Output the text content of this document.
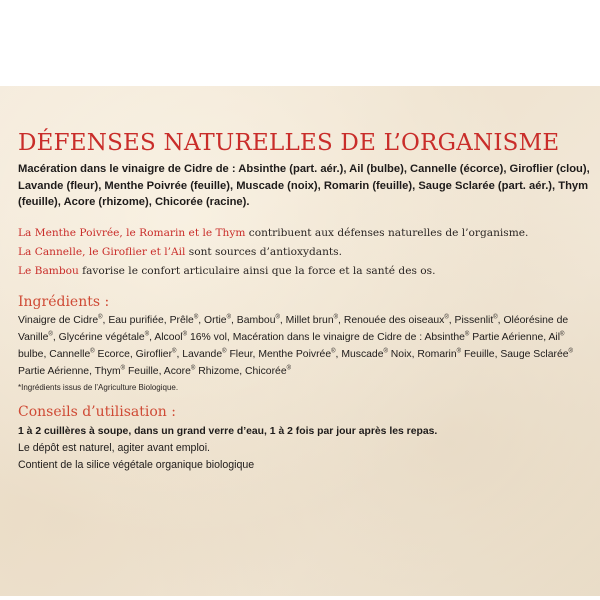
DÉFENSES NATURELLES DE L’ORGANISME

Macération dans le vinaigre de Cidre de : Absinthe (part. aér.), Ail (bulbe), Cannelle (écorce), Giroflier (clou), Lavande (fleur), Menthe Poivrée (feuille), Muscade (noix), Romarin (feuille), Sauge Sclarée (part. aér.), Thym (feuille), Acore (rhizome), Chicorée (racine).

La Menthe Poivrée, le Romarin et le Thym contribuent aux défenses naturelles de l’organisme.
La Cannelle, le Giroflier et l’Ail sont sources d’antioxydants.
Le Bambou favorise le confort articulaire ainsi que la force et la santé des os.
Ingrédients :

Vinaigre de Cidre®, Eau purifiée, Prêle®, Ortie®, Bambou®, Millet brun®, Renouée des oiseaux®, Pissenlit®, Oléorésine de Vanille®, Glycérine végétale®, Alcool® 16% vol, Macération dans le vinaigre de Cidre de : Absinthe® Partie Aérienne, Ail® bulbe, Cannelle® Ecorce, Giroflier®, Lavande® Fleur, Menthe Poivrée®, Muscade® Noix, Romarin® Feuille, Sauge Sclarée® Partie Aérienne, Thym® Feuille, Acore® Rhizome, Chicorée®

*Ingrédients issus de l’Agriculture Biologique.

Conseils d’utilisation :

1 à 2 cuillères à soupe, dans un grand verre d’eau, 1 à 2 fois par jour après les repas.

Le dépôt est naturel, agiter avant emploi.

Contient de la silice végétale organique biologique
